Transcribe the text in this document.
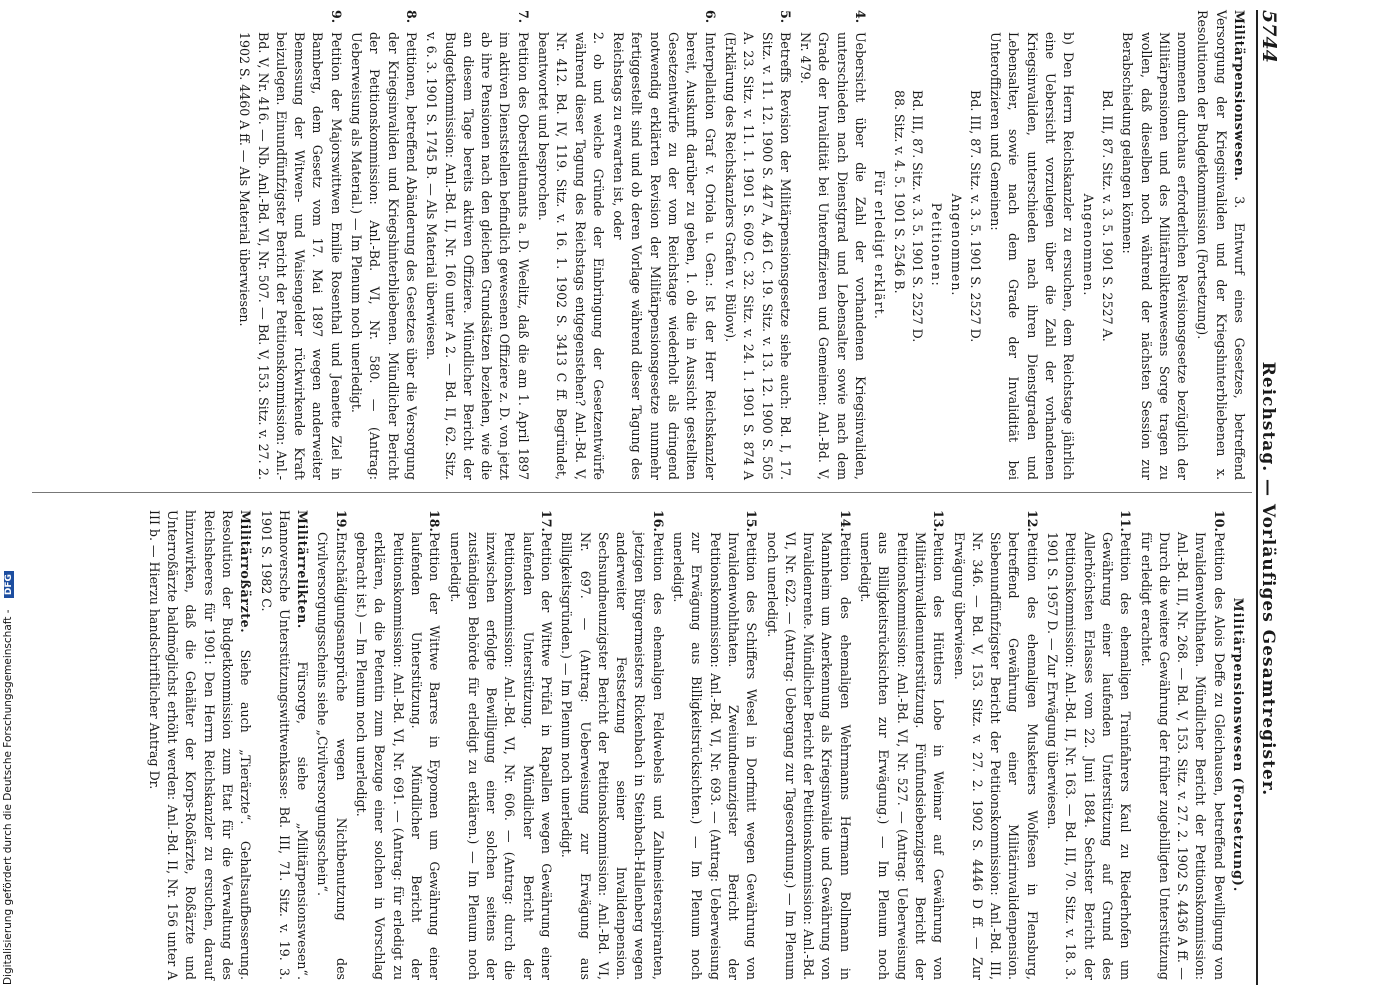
5744
Reichstag. — Vorläufiges Gesamtregister.

Militärpensionswesen. 3. Entwurf eines Gesetzes, betreffend Versorgung der Kriegsinvaliden und der Kriegshinterbliebenen x. Resolutionen der Budgetkommission (Fortsetzung).

nommenen durchaus erforderlichen Revisionsgesetze bezüglich der Militärpensionen und des Militärreliktenwesens Sorge tragen zu wollen, daß dieselben noch während der nächsten Session zur Berabschiedung gelangen können:

Bd. III, 87. Sitz. v. 3. 5. 1901 S. 2527 A.

Angenommen.

b) Den Herrn Reichskanzler zu ersuchen, dem Reichstage jährlich eine Uebersicht vorzulegen über die Zahl der vorhandenen Kriegsinvaliden, unterschieden nach ihren Dienstgraden und Lebensalter, sowie nach dem Grade der Invalidität bei Unteroffizieren und Gemeinen:

Bd. III, 87. Sitz. v. 3. 5. 1901 S. 2527 D.

Angenommen.

Petitionen:

Bd. III, 87. Sitz. v. 3. 5. 1901 S. 2527 D.

88. Sitz. v. 4. 5. 1901 S. 2546 B.

Für erledigt erklärt.

4.
Uebersicht über die Zahl der vorhandenen Kriegsinvaliden, unterschieden nach Dienstgrad und Lebensalter sowie nach dem Grade der Invalidität bei Unteroffizieren und Gemeinen: Anl.-Bd. V, Nr. 479.
5.
Betreffs Revision der Militärpensionsgesetze siehe auch: Bd. I, 17. Sitz. v. 11. 12. 1900 S. 447 A, 461 C. 19. Sitz. v. 13. 12. 1900 S. 505 A. 23. Sitz. v. 11. 1. 1901 S. 609 C. 32. Sitz. v. 24. 1. 1901 S. 874 A (Erklärung des Reichskanzlers Grafen v. Bülow).
6.
Interpellation Graf v. Oriola u. Gen.: Ist der Herr Reichskanzler bereit, Auskunft darüber zu geben, 1. ob die in Aussicht gestellten Gesetzentwürfe zu der vom Reichstage wiederholt als dringend notwendig erklärten Revision der Militärpensionsgesetze nunmehr fertiggestellt sind und ob deren Vorlage während dieser Tagung des Reichstags zu erwarten ist, oder

2. ob und welche Gründe der Einbringung der Gesetzentwürfe während dieser Tagung des Reichstags entgegenstehen? Anl.-Bd. V, Nr. 412. Bd. IV, 119. Sitz. v. 16. 1. 1902 S. 3413 C ff. Begründet, beantwortet und besprochen.

7.
Petition des Oberstleutnants a. D. Weelitz, daß die am 1. April 1897 im aktiven Dienststellen befindlich gewesenen Offiziere z. D. von jetzt ab ihre Pensionen nach den gleichen Grundsätzen beziehen, wie die an diesem Tage bereits aktiven Offiziere. Mündlicher Bericht der Budgetkommission: Anl.-Bd. II, Nr. 160 unter A 2. — Bd. II, 62. Sitz. v. 6. 3. 1901 S. 1745 B. — Als Material überwiesen.
8.
Petitionen, betreffend Abänderung des Gesetzes über die Versorgung der Kriegsinvaliden und Kriegshinterbliebenen. Mündlicher Bericht der Petitionskommission: Anl.-Bd. VI, Nr. 580. — (Antrag: Ueberweisung als Material.) — Im Plenum noch unerledigt.
9.
Petition der Majorswittwen Emilie Rosenthal und Jeanette Ziel in Bamberg, dem Gesetz vom 17. Mai 1897 wegen anderweiter Bemessung der Witwen- und Waisengelder rückwirkende Kraft beizulegen. Einundfünfzigster Bericht der Petitionskommission: Anl.-Bd. V, Nr. 416. — Nb. Anl.-Bd. VI, Nr. 507. — Bd. V, 153. Sitz. v. 27. 2. 1902 S. 4460 A ff. — Als Material überwiesen.

Militärpensionswesen (Fortsetzung).

10.
Petition des Alois Deffe zu Gleichausen, betreffend Bewilligung von Invalidenwohlthaten. Mündlicher Bericht der Petitionskommission: Anl.-Bd. III, Nr. 268. — Bd. V, 153. Sitz. v. 27. 2. 1902 S. 4436 A ff. — Durch die weitere Gewährung der früher zugebilligten Unterstützung für erledigt erachtet.
11.
Petition des ehemaligen Trainfahrers Kaul zu Riederhofen um Gewährung einer laufenden Unterstützung auf Grund des Allerhöchsten Erlasses vom 22. Juni 1884. Sechster Bericht der Petitionskommission: Anl.-Bd. II, Nr. 163. — Bd. III, 70. Sitz. v. 18. 3. 1901 S. 1957 D. — Zur Erwägung überwiesen.
12.
Petition des ehemaligen Musketiers Wolfesen in Flensburg, betreffend Gewährung einer Militärinvalidenpension. Siebenundfünfzigster Bericht der Petitionskommission: Anl.-Bd. III, Nr. 346. — Bd. V, 153. Sitz. v. 27. 2. 1902 S. 4446 D ff. — Zur Erwägung überwiesen.
13.
Petition des Hüttlers Lobe in Weimar auf Gewährung von Militärinvalidenunterstützung. Fünfundsiebenzigster Bericht der Petitionskommission: Anl.-Bd. VI, Nr. 527. — (Antrag: Ueberweisung aus Billigkeitsrücksichten zur Erwägung.) — Im Plenum noch unerledigt.
14.
Petition des ehemaligen Wehrmanns Hermann Bollmann in Mannheim um Anerkennung als Kriegsinvalide und Gewährung von Invalidenrente. Mündlicher Bericht der Petitionskommission: Anl.-Bd. VI, Nr. 622. — (Antrag: Uebergang zur Tagesordnung.) — Im Plenum noch unerledigt.
15.
Petition des Schiffers Wesel in Dorfmitt wegen Gewährung von Invalidenwohlthaten. Zweiundneunzigster Bericht der Petitionskommission: Anl.-Bd. VI, Nr. 693. — (Antrag: Ueberweisung zur Erwägung aus Billigkeitsrücksichten.) — Im Plenum noch unerledigt.
16.
Petition des ehemaligen Feldwebels und Zahlmeisteraspiranten, jetzigen Bürgermeisters Rickenbach in Steinbach-Hallenberg wegen anderweiter Festsetzung seiner Invalidenpension. Sechsundneunzigster Bericht der Petitionskommission: Anl.-Bd. VI, Nr. 697. — (Antrag: Ueberweisung zur Erwägung aus Billigkeitsgründen.) — Im Plenum noch unerledigt.
17.
Petition der Wittwe Prüfal in Rapallen wegen Gewährung einer laufenden Unterstützung. Mündlicher Bericht der Petitionskommission: Anl.-Bd. VI, Nr. 606. — (Antrag: durch die inzwischen erfolgte Bewilligung einer solchen seitens der zuständigen Behörde für erledigt zu erklären.) — Im Plenum noch unerledigt.
18.
Petition der Wittwe Barres in Eypomen um Gewährung einer laufenden Unterstützung. Mündlicher Bericht der Petitionskommission: Anl.-Bd. VI, Nr. 691. — (Antrag: für erledigt zu erklären, da die Petentin zum Bezuge einer solchen in Vorschlag gebracht ist.) — Im Plenum noch unerledigt.
19.
Entschädigungsansprüche wegen Nichtbenutzung des Civilversorgungsscheins siehe „Civilversorgungsschein“.

Militärrelikten. Fürsorge, siehe „Militärpensionswesen“. Hannoversche Unterstützungswittwenkasse: Bd. III, 71. Sitz. v. 19. 3. 1901 S. 1982 C.

Militärroßärzte. Siehe auch „Tierärzte“. Gehaltsaufbesserung. Resolution der Budgetkommission zum Etat für die Verwaltung des Reichsheeres für 1901: Den Herrn Reichskanzler zu ersuchen, darauf hinzuwirken, daß die Gehälter der Korps-Roßärzte, Roßärzte und Unterroßärzte baldmöglichst erhöht werden: Anl.-Bd. II, Nr. 156 unter A III b. — Hierzu handschriftlicher Antrag Dr.

Digitalisierung gefördert durch die Deutsche Forschungsgemeinschaft - DFG
